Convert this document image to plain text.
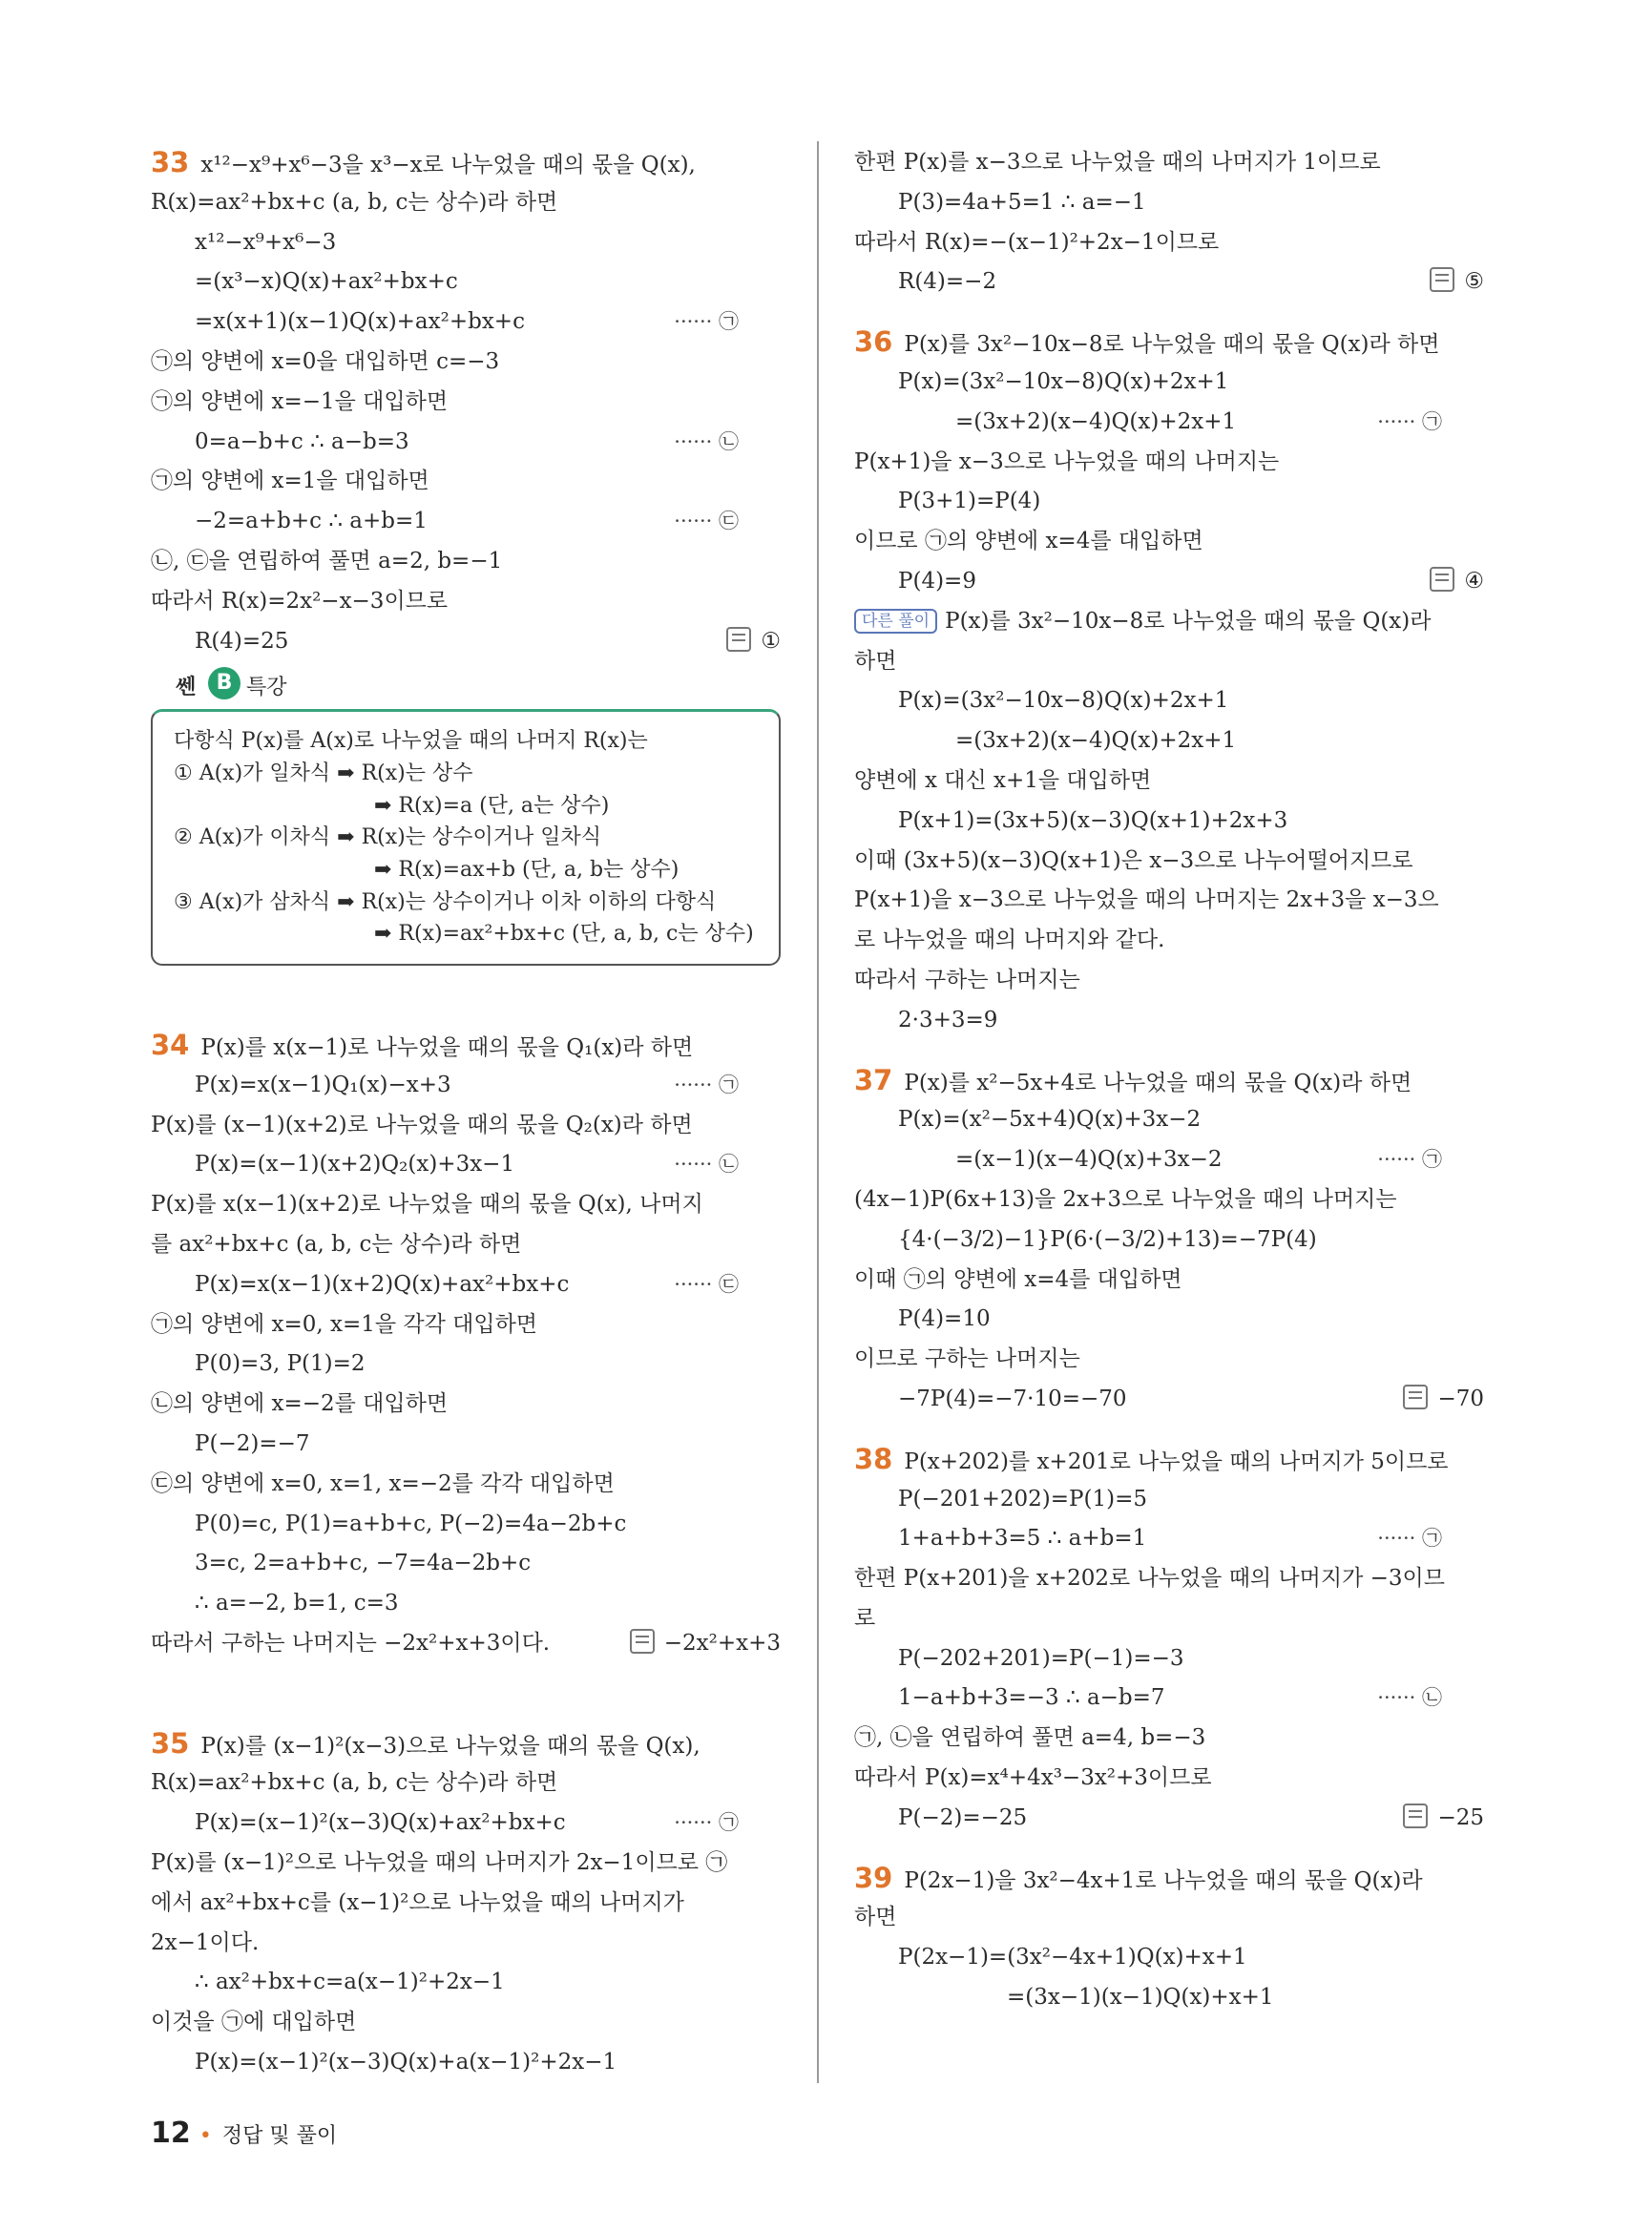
33 x¹²−x⁹+x⁶−3을 x³−x로 나누었을 때의 몫을 Q(x),
R(x)=ax²+bx+c (a, b, c는 상수)라 하면
x¹²−x⁹+x⁶−3
=(x³−x)Q(x)+ax²+bx+c
=x(x+1)(x−1)Q(x)+ax²+bx+c	······ ㉠
㉠의 양변에 x=0을 대입하면 c=−3
㉠의 양변에 x=−1을 대입하면
0=a−b+c ∴ a−b=3	······ ㉡
㉠의 양변에 x=1을 대입하면
−2=a+b+c ∴ a+b=1	······ ㉢
㉡, ㉢을 연립하여 풀면 a=2, b=−1
따라서 R(x)=2x²−x−3이므로
R(4)=25	①
쎈 B 특강
다항식 P(x)를 A(x)로 나누었을 때의 나머지 R(x)는
① A(x)가 일차식 ➡ R(x)는 상수
➡ R(x)=a (단, a는 상수)
② A(x)가 이차식 ➡ R(x)는 상수이거나 일차식
➡ R(x)=ax+b (단, a, b는 상수)
③ A(x)가 삼차식 ➡ R(x)는 상수이거나 이차 이하의 다항식
➡ R(x)=ax²+bx+c (단, a, b, c는 상수)
34 P(x)를 x(x−1)로 나누었을 때의 몫을 Q₁(x)라 하면
P(x)=x(x−1)Q₁(x)−x+3	······ ㉠
P(x)를 (x−1)(x+2)로 나누었을 때의 몫을 Q₂(x)라 하면
P(x)=(x−1)(x+2)Q₂(x)+3x−1	······ ㉡
P(x)를 x(x−1)(x+2)로 나누었을 때의 몫을 Q(x), 나머지
를 ax²+bx+c (a, b, c는 상수)라 하면
P(x)=x(x−1)(x+2)Q(x)+ax²+bx+c	······ ㉢
㉠의 양변에 x=0, x=1을 각각 대입하면
P(0)=3, P(1)=2
㉡의 양변에 x=−2를 대입하면
P(−2)=−7
㉢의 양변에 x=0, x=1, x=−2를 각각 대입하면
P(0)=c, P(1)=a+b+c, P(−2)=4a−2b+c
3=c, 2=a+b+c, −7=4a−2b+c
∴ a=−2, b=1, c=3
따라서 구하는 나머지는 −2x²+x+3이다.	−2x²+x+3
35 P(x)를 (x−1)²(x−3)으로 나누었을 때의 몫을 Q(x),
R(x)=ax²+bx+c (a, b, c는 상수)라 하면
P(x)=(x−1)²(x−3)Q(x)+ax²+bx+c	······ ㉠
P(x)를 (x−1)²으로 나누었을 때의 나머지가 2x−1이므로 ㉠
에서 ax²+bx+c를 (x−1)²으로 나누었을 때의 나머지가
2x−1이다.
∴ ax²+bx+c=a(x−1)²+2x−1
이것을 ㉠에 대입하면
P(x)=(x−1)²(x−3)Q(x)+a(x−1)²+2x−1
한편 P(x)를 x−3으로 나누었을 때의 나머지가 1이므로
P(3)=4a+5=1 ∴ a=−1
따라서 R(x)=−(x−1)²+2x−1이므로
R(4)=−2	⑤
36 P(x)를 3x²−10x−8로 나누었을 때의 몫을 Q(x)라 하면
P(x)=(3x²−10x−8)Q(x)+2x+1
=(3x+2)(x−4)Q(x)+2x+1	······ ㉠
P(x+1)을 x−3으로 나누었을 때의 나머지는
P(3+1)=P(4)
이므로 ㉠의 양변에 x=4를 대입하면
P(4)=9	④
다른 풀이 P(x)를 3x²−10x−8로 나누었을 때의 몫을 Q(x)라
하면
P(x)=(3x²−10x−8)Q(x)+2x+1
=(3x+2)(x−4)Q(x)+2x+1
양변에 x 대신 x+1을 대입하면
P(x+1)=(3x+5)(x−3)Q(x+1)+2x+3
이때 (3x+5)(x−3)Q(x+1)은 x−3으로 나누어떨어지므로
P(x+1)을 x−3으로 나누었을 때의 나머지는 2x+3을 x−3으
로 나누었을 때의 나머지와 같다.
따라서 구하는 나머지는
2·3+3=9
37 P(x)를 x²−5x+4로 나누었을 때의 몫을 Q(x)라 하면
P(x)=(x²−5x+4)Q(x)+3x−2
=(x−1)(x−4)Q(x)+3x−2	······ ㉠
(4x−1)P(6x+13)을 2x+3으로 나누었을 때의 나머지는
{4·(−3/2)−1}P(6·(−3/2)+13)=−7P(4)
이때 ㉠의 양변에 x=4를 대입하면
P(4)=10
이므로 구하는 나머지는
−7P(4)=−7·10=−70	−70
38 P(x+202)를 x+201로 나누었을 때의 나머지가 5이므로
P(−201+202)=P(1)=5
1+a+b+3=5 ∴ a+b=1	······ ㉠
한편 P(x+201)을 x+202로 나누었을 때의 나머지가 −3이므
로
P(−202+201)=P(−1)=−3
1−a+b+3=−3 ∴ a−b=7	······ ㉡
㉠, ㉡을 연립하여 풀면 a=4, b=−3
따라서 P(x)=x⁴+4x³−3x²+3이므로
P(−2)=−25	−25
39 P(2x−1)을 3x²−4x+1로 나누었을 때의 몫을 Q(x)라
하면
P(2x−1)=(3x²−4x+1)Q(x)+x+1
=(3x−1)(x−1)Q(x)+x+1
12 • 정답 및 풀이
